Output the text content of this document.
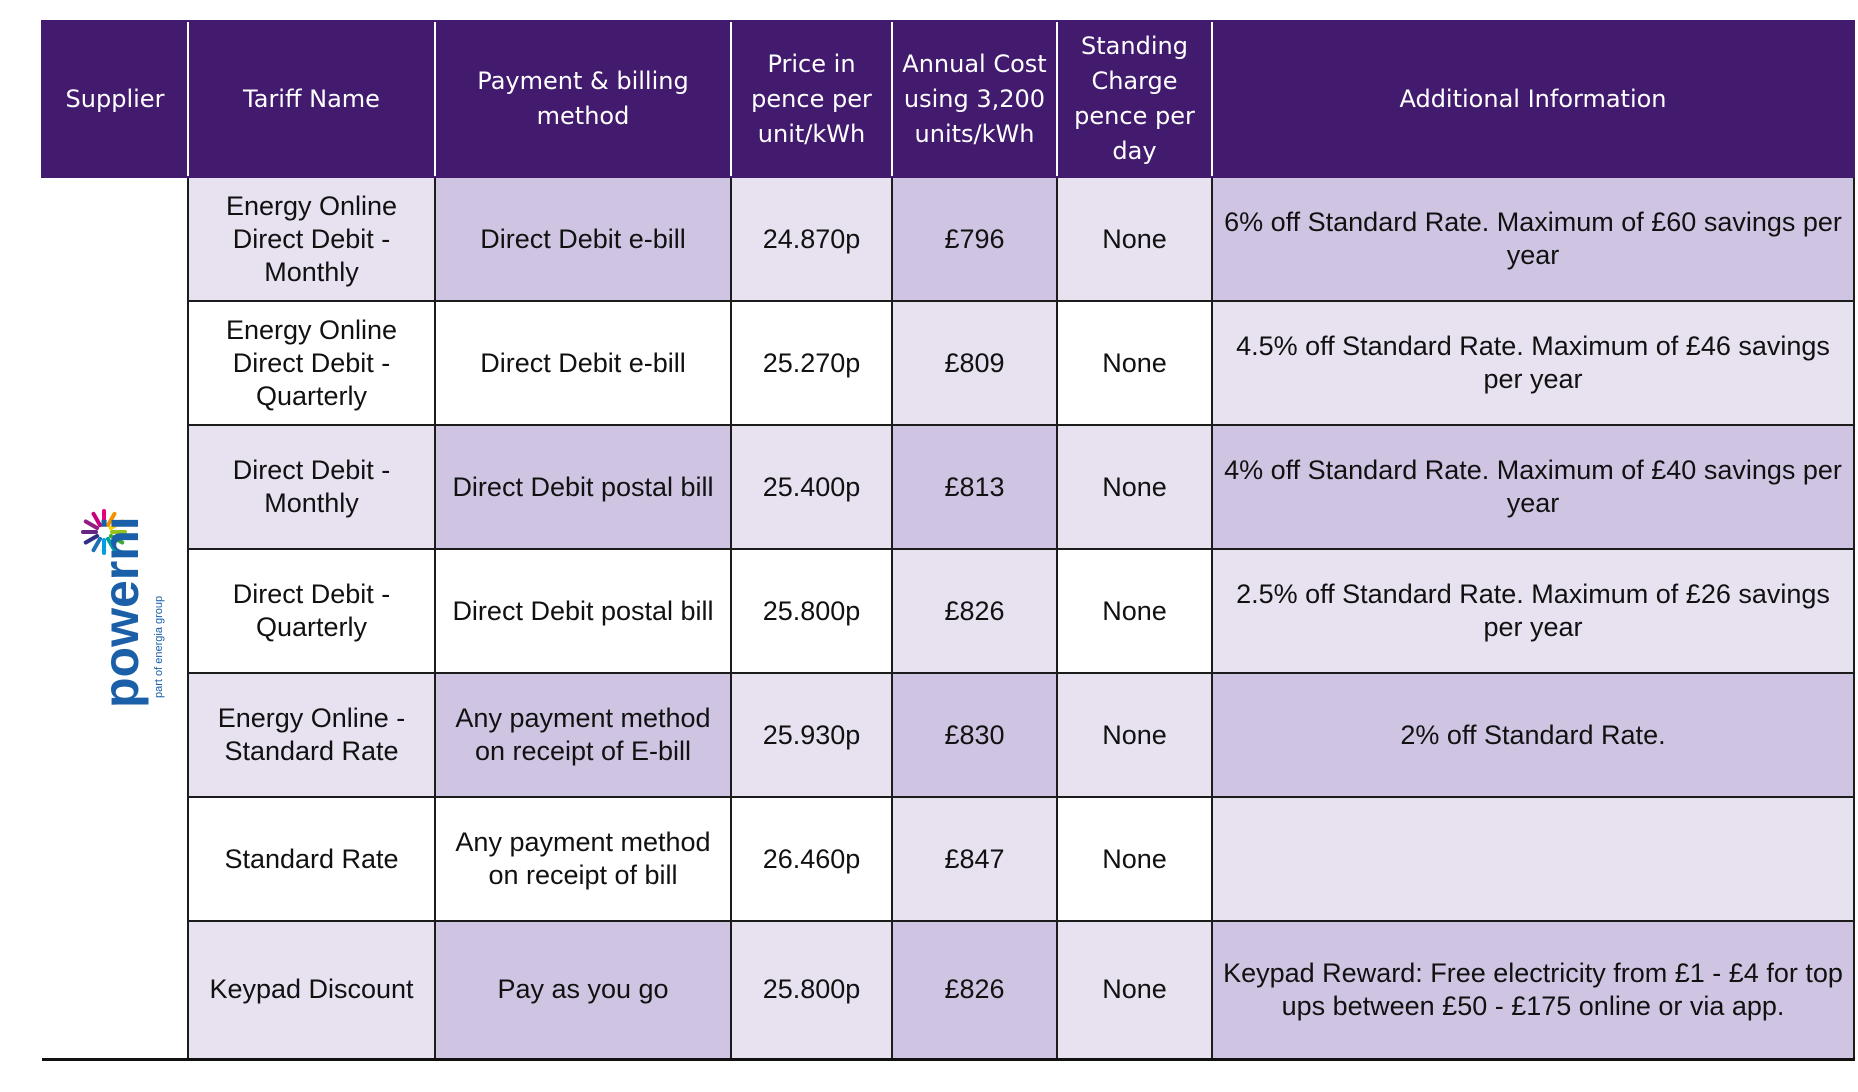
Supplier	Tariff Name	Payment & billing method	Price in pence per unit/kWh	Annual Cost using 3,200 units/kWh	Standing Charge pence per day	Additional Information

powerni part of energia group	Energy Online Direct Debit - Monthly	Direct Debit e-bill	24.870p	£796	None	6% off Standard Rate. Maximum of £60 savings per year
	Energy Online Direct Debit - Quarterly	Direct Debit e-bill	25.270p	£809	None	4.5% off Standard Rate. Maximum of £46 savings per year
	Direct Debit - Monthly	Direct Debit postal bill	25.400p	£813	None	4% off Standard Rate. Maximum of £40 savings per year
	Direct Debit - Quarterly	Direct Debit postal bill	25.800p	£826	None	2.5% off Standard Rate. Maximum of £26 savings per year
	Energy Online - Standard Rate	Any payment method on receipt of E-bill	25.930p	£830	None	2% off Standard Rate.
	Standard Rate	Any payment method on receipt of bill	26.460p	£847	None	
	Keypad Discount	Pay as you go	25.800p	£826	None	Keypad Reward: Free electricity from £1 - £4 for top ups between £50 - £175 online or via app.
